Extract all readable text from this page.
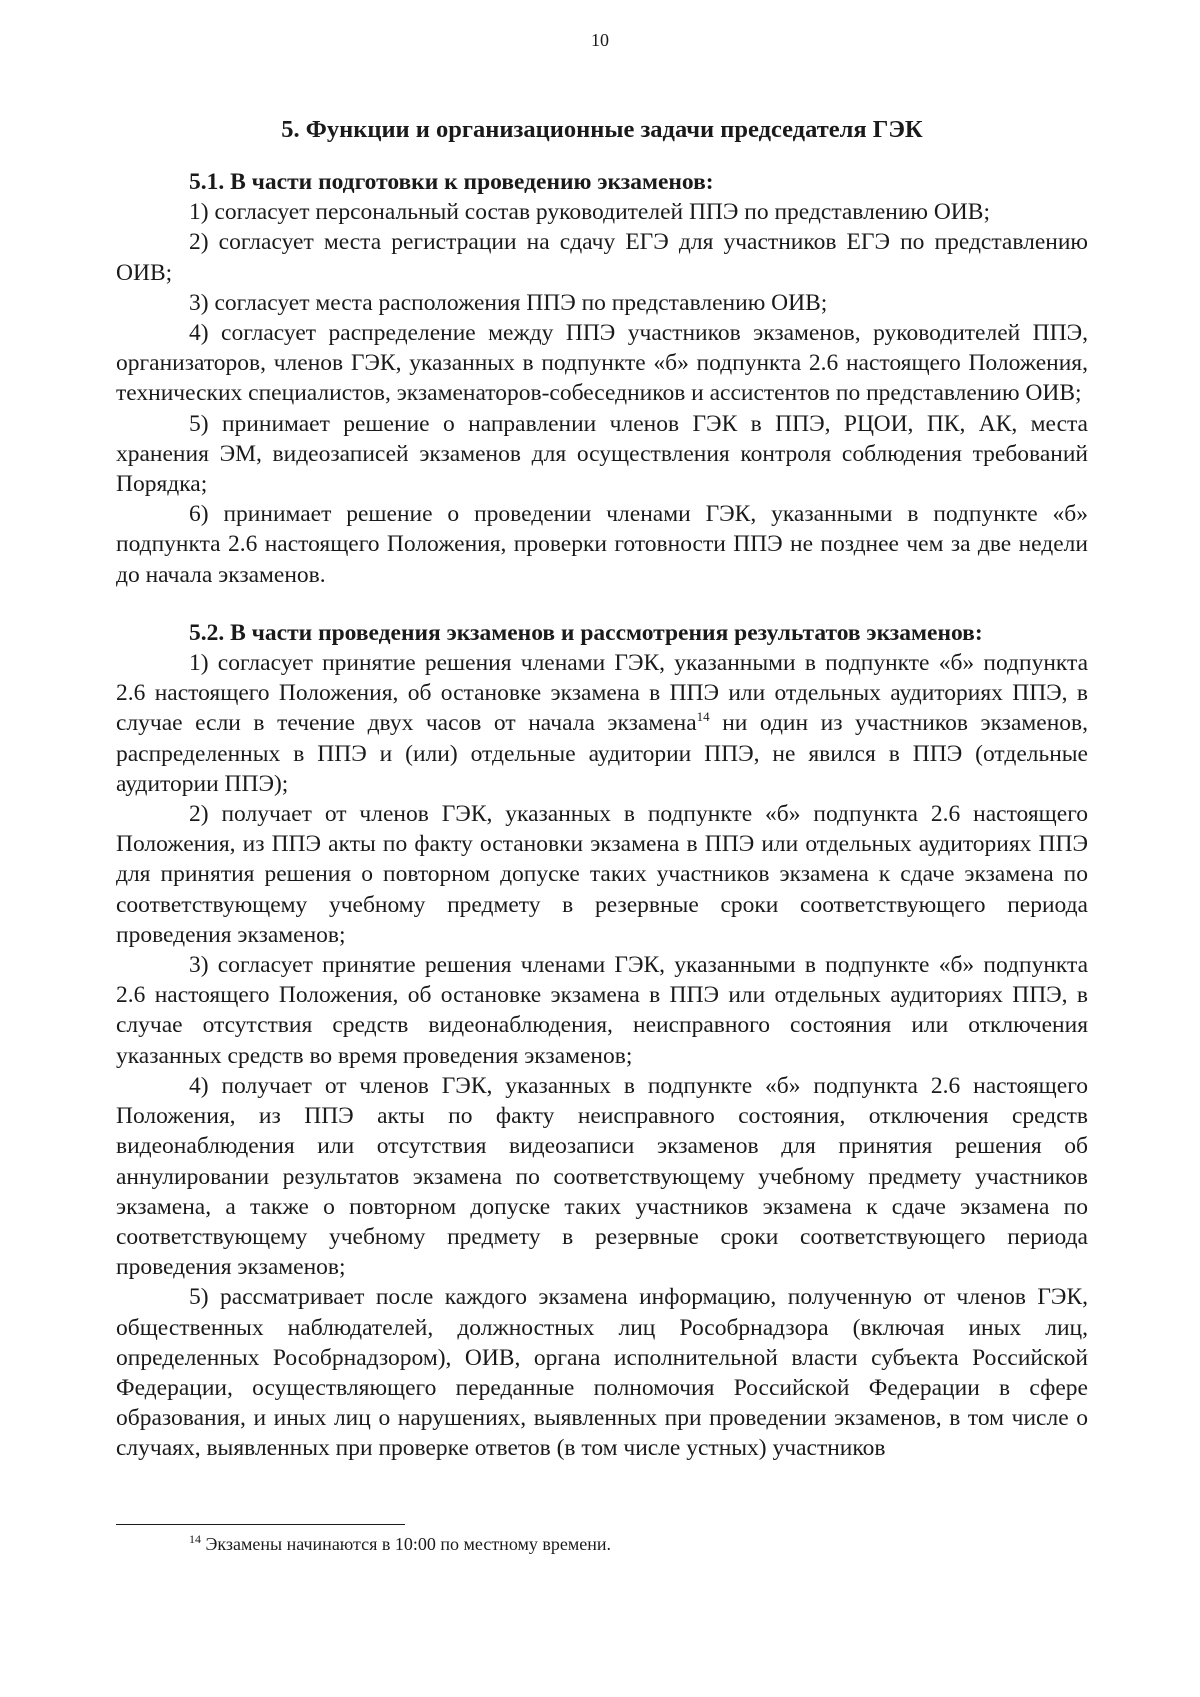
10

5. Функции и организационные задачи председателя ГЭК

5.1. В части подготовки к проведению экзаменов:

1) согласует персональный состав руководителей ППЭ по представлению ОИВ;

2) согласует места регистрации на сдачу ЕГЭ для участников ЕГЭ по представлению ОИВ;

3) согласует места расположения ППЭ по представлению ОИВ;

4) согласует распределение между ППЭ участников экзаменов, руководителей ППЭ, организаторов, членов ГЭК, указанных в подпункте «б» подпункта 2.6 настоящего Положения, технических специалистов, экзаменаторов-собеседников и ассистентов по представлению ОИВ;

5) принимает решение о направлении членов ГЭК в ППЭ, РЦОИ, ПК, АК, места хранения ЭМ, видеозаписей экзаменов для осуществления контроля соблюдения требований Порядка;

6) принимает решение о проведении членами ГЭК, указанными в подпункте «б» подпункта 2.6 настоящего Положения, проверки готовности ППЭ не позднее чем за две недели до начала экзаменов.

5.2. В части проведения экзаменов и рассмотрения результатов экзаменов:

1) согласует принятие решения членами ГЭК, указанными в подпункте «б» подпункта 2.6 настоящего Положения, об остановке экзамена в ППЭ или отдельных аудиториях ППЭ, в случае если в течение двух часов от начала экзамена$^{14}$ ни один из участников экзаменов, распределенных в ППЭ и (или) отдельные аудитории ППЭ, не явился в ППЭ (отдельные аудитории ППЭ);

2) получает от членов ГЭК, указанных в подпункте «б» подпункта 2.6 настоящего Положения, из ППЭ акты по факту остановки экзамена в ППЭ или отдельных аудиториях ППЭ для принятия решения о повторном допуске таких участников экзамена к сдаче экзамена по соответствующему учебному предмету в резервные сроки соответствующего периода проведения экзаменов;

3) согласует принятие решения членами ГЭК, указанными в подпункте «б» подпункта 2.6 настоящего Положения, об остановке экзамена в ППЭ или отдельных аудиториях ППЭ, в случае отсутствия средств видеонаблюдения, неисправного состояния или отключения указанных средств во время проведения экзаменов;

4) получает от членов ГЭК, указанных в подпункте «б» подпункта 2.6 настоящего Положения, из ППЭ акты по факту неисправного состояния, отключения средств видеонаблюдения или отсутствия видеозаписи экзаменов для принятия решения об аннулировании результатов экзамена по соответствующему учебному предмету участников экзамена, а также о повторном допуске таких участников экзамена к сдаче экзамена по соответствующему учебному предмету в резервные сроки соответствующего периода проведения экзаменов;

5) рассматривает после каждого экзамена информацию, полученную от членов ГЭК, общественных наблюдателей, должностных лиц Рособрнадзора (включая иных лиц, определенных Рособрнадзором), ОИВ, органа исполнительной власти субъекта Российской Федерации, осуществляющего переданные полномочия Российской Федерации в сфере образования, и иных лиц о нарушениях, выявленных при проведении экзаменов, в том числе о случаях, выявленных при проверке ответов (в том числе устных) участников

$^{14}$ Экзамены начинаются в 10:00 по местному времени.
